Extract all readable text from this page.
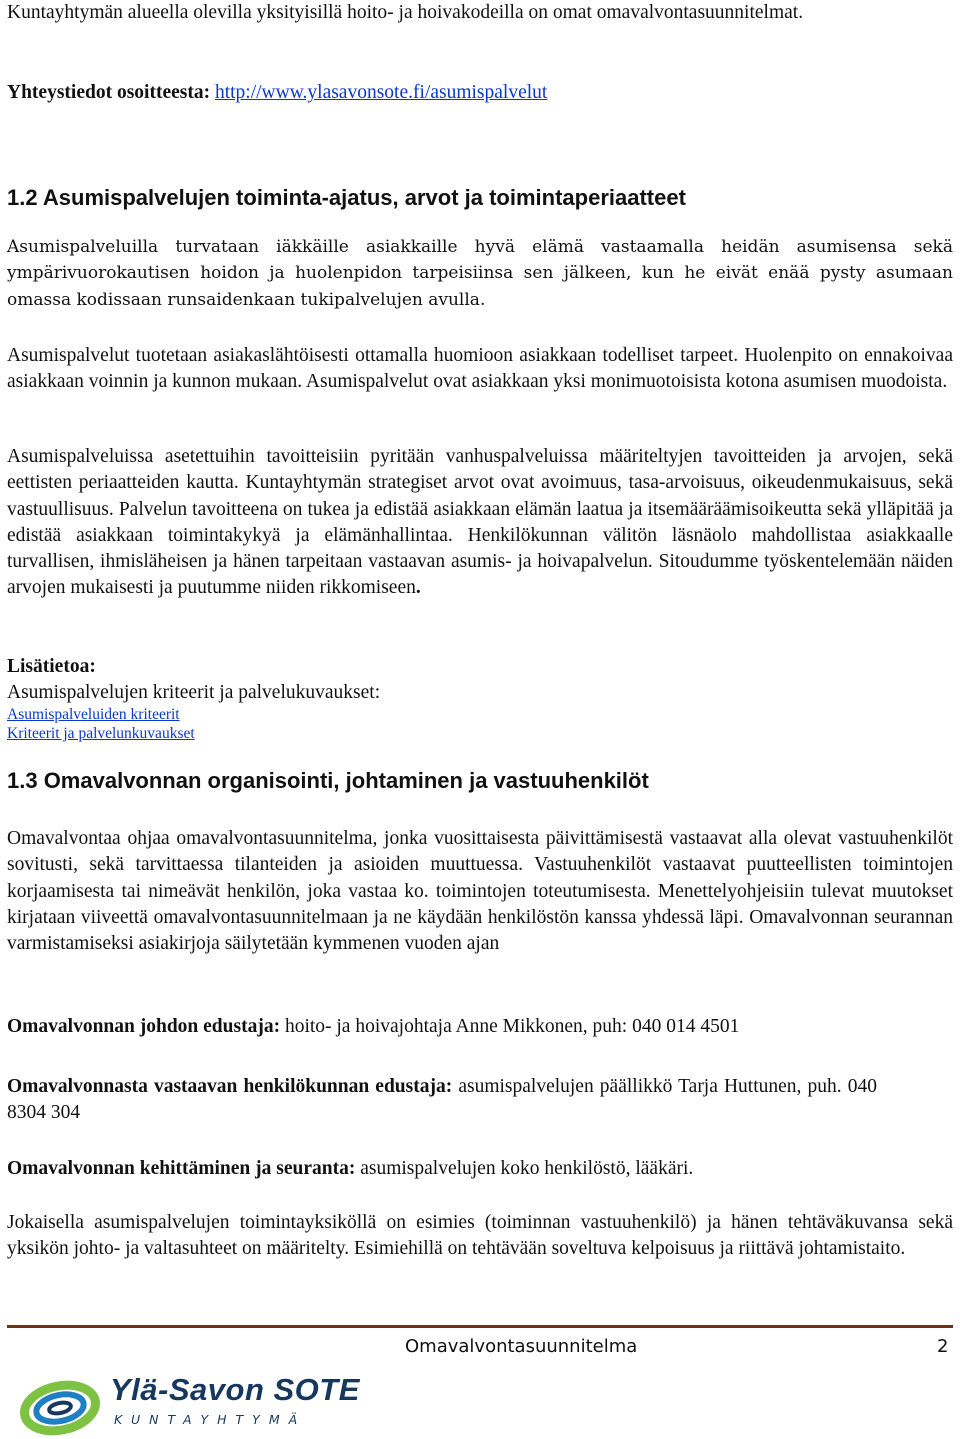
Kuntayhtymän alueella olevilla yksityisillä hoito- ja hoivakodeilla on omat omavalvontasuunnitelmat.

Yhteystiedot osoitteesta: http://www.ylasavonsote.fi/asumispalvelut

1.2 Asumispalvelujen toiminta-ajatus, arvot ja toimintaperiaatteet

Asumispalveluilla turvataan iäkkäille asiakkaille hyvä elämä vastaamalla heidän asumisensa sekä ympärivuorokautisen hoidon ja huolenpidon tarpeisiinsa sen jälkeen, kun he eivät enää pysty asumaan omassa kodissaan runsaidenkaan tukipalvelujen avulla.

Asumispalvelut tuotetaan asiakaslähtöisesti ottamalla huomioon asiakkaan todelliset tarpeet. Huolenpito on ennakoivaa asiakkaan voinnin ja kunnon mukaan. Asumispalvelut ovat asiakkaan yksi monimuotoisista kotona asumisen muodoista.

Asumispalveluissa asetettuihin tavoitteisiin pyritään vanhuspalveluissa määriteltyjen tavoitteiden ja arvojen, sekä eettisten periaatteiden kautta. Kuntayhtymän strategiset arvot ovat avoimuus, tasa-arvoisuus, oikeudenmukaisuus, sekä vastuullisuus. Palvelun tavoitteena on tukea ja edistää asiakkaan elämän laatua ja itsemääräämisoikeutta sekä ylläpitää ja edistää asiakkaan toimintakykyä ja elämänhallintaa. Henkilökunnan välitön läsnäolo mahdollistaa asiakkaalle turvallisen, ihmisläheisen ja hänen tarpeitaan vastaavan asumis- ja hoivapalvelun. Sitoudumme työskentelemään näiden arvojen mukaisesti ja puutumme niiden rikkomiseen.

Lisätietoa:

Asumispalvelujen kriteerit ja palvelukuvaukset:

Asumispalveluiden kriteerit

Kriteerit ja palvelunkuvaukset

1.3 Omavalvonnan organisointi, johtaminen ja vastuuhenkilöt

Omavalvontaa ohjaa omavalvontasuunnitelma, jonka vuosittaisesta päivittämisestä vastaavat alla olevat vastuuhenkilöt sovitusti, sekä tarvittaessa tilanteiden ja asioiden muuttuessa. Vastuuhenkilöt vastaavat puutteellisten toimintojen korjaamisesta tai nimeävät henkilön, joka vastaa ko. toimintojen toteutumisesta. Menettelyohjeisiin tulevat muutokset kirjataan viiveettä omavalvontasuunnitelmaan ja ne käydään henkilöstön kanssa yhdessä läpi. Omavalvonnan seurannan varmistamiseksi asiakirjoja säilytetään kymmenen vuoden ajan

Omavalvonnan johdon edustaja: hoito- ja hoivajohtaja Anne Mikkonen, puh: 040 014 4501

Omavalvonnasta vastaavan henkilökunnan edustaja: asumispalvelujen päällikkö Tarja Huttunen, puh. 040 8304 304

Omavalvonnan kehittäminen ja seuranta: asumispalvelujen koko henkilöstö, lääkäri.

Jokaisella asumispalvelujen toimintayksiköllä on esimies (toiminnan vastuuhenkilö) ja hänen tehtäväkuvansa sekä yksikön johto- ja valtasuhteet on määritelty. Esimiehillä on tehtävään soveltuva kelpoisuus ja riittävä johtamistaito.

Omavalvontasuunnitelma	2
Ylä-Savon SOTE
KUNTAYHTYMÄ
